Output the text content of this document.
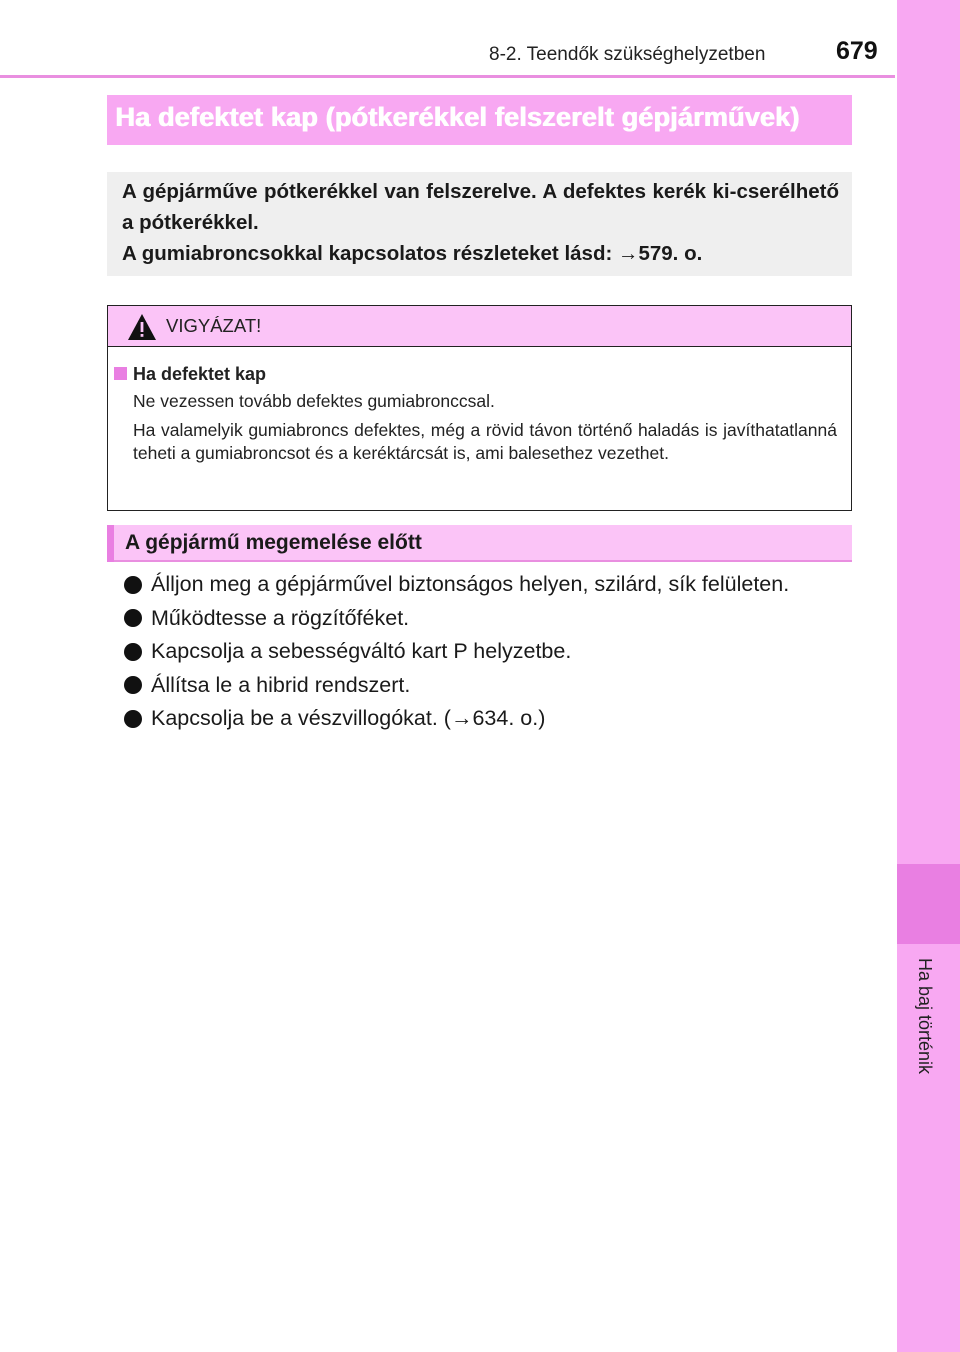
8-2. Teendők szükséghelyzetben	679
8
Ha baj történik
Ha defektet kap (pótkerékkel felszerelt gépjárművek)

A gépjárműve pótkerékkel van felszerelve. A defektes kerék ki-cserélhető a pótkerékkel.

A gumiabroncsokkal kapcsolatos részleteket lásd: →579. o.

VIGYÁZAT!
Ha defektet kap
Ne vezessen tovább defektes gumiabronccsal.
Ha valamelyik gumiabroncs defektes, még a rövid távon történő haladás is javíthatatlanná teheti a gumiabroncsot és a keréktárcsát is, ami balesethez vezethet.
A gépjármű megemelése előtt
Álljon meg a gépjárművel biztonságos helyen, szilárd, sík felületen.
Működtesse a rögzítőféket.
Kapcsolja a sebességváltó kart P helyzetbe.
Állítsa le a hibrid rendszert.
Kapcsolja be a vészvillogókat. (→634. o.)
